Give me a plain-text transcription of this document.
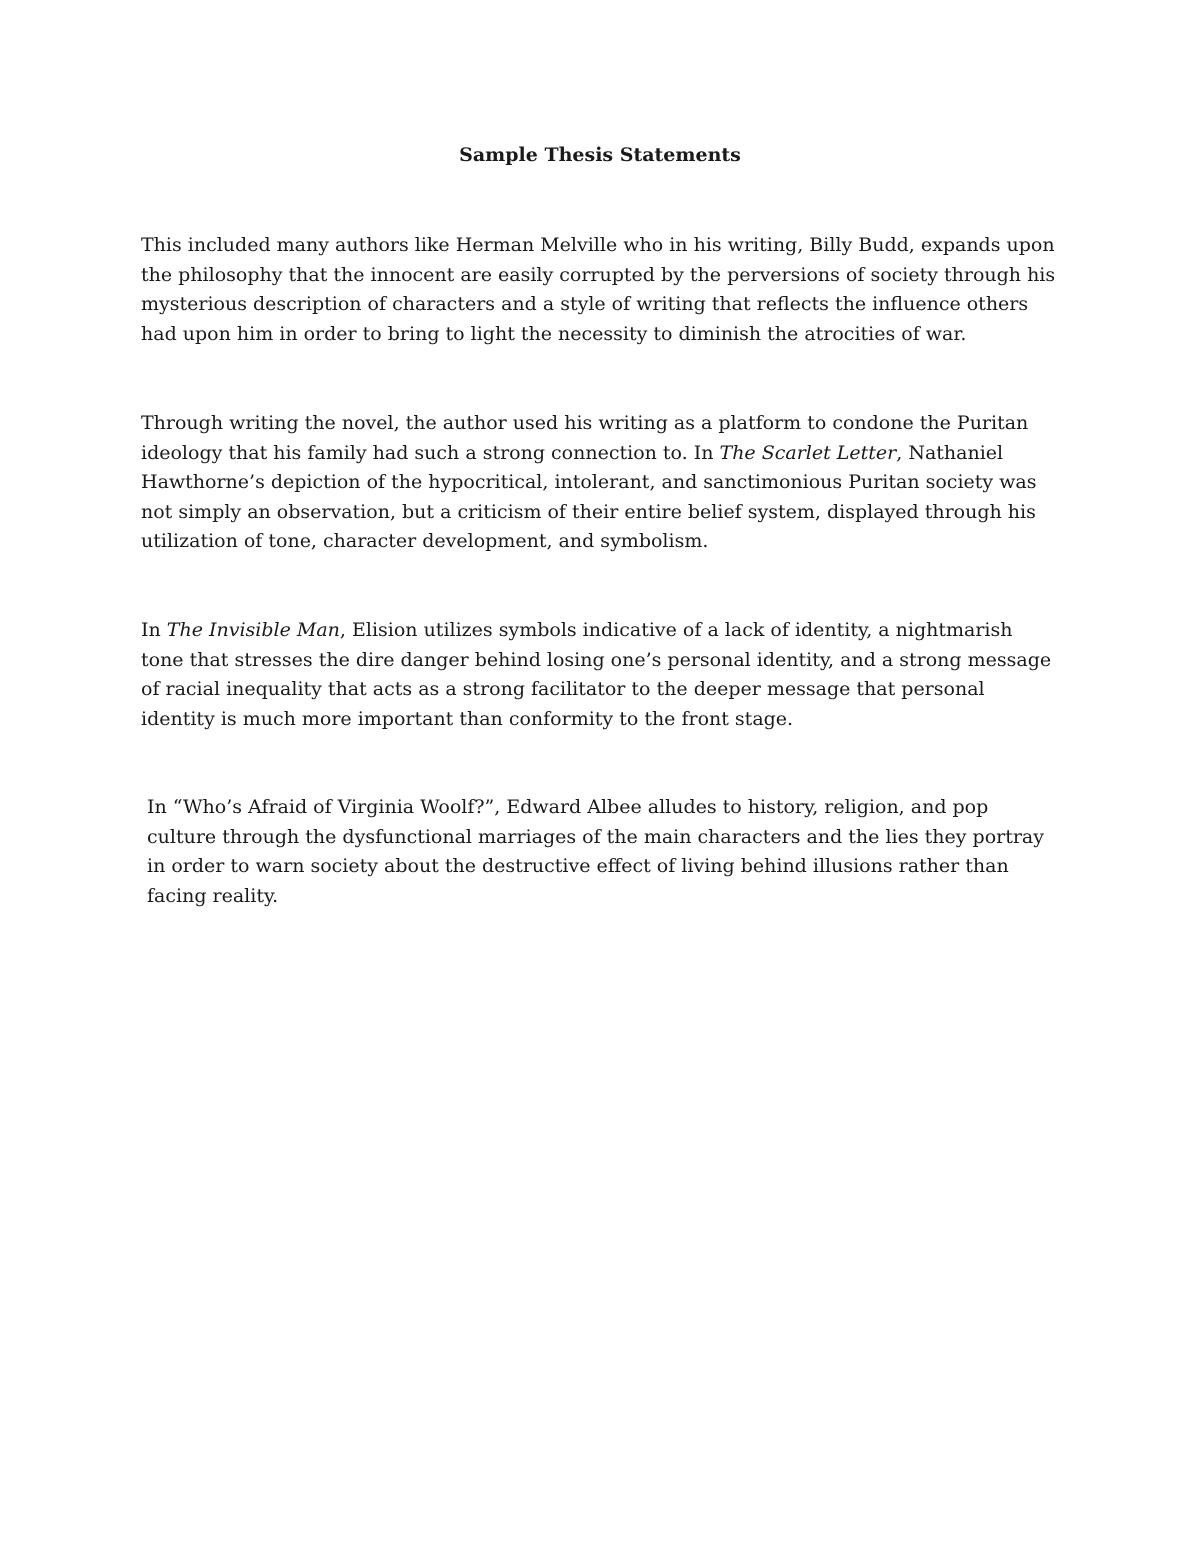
Sample Thesis Statements

This included many authors like Herman Melville who in his writing, Billy Budd, expands upon the philosophy that the innocent are easily corrupted by the perversions of society through his mysterious description of characters and a style of writing that reflects the influence others had upon him in order to bring to light the necessity to diminish the atrocities of war.

Through writing the novel, the author used his writing as a platform to condone the Puritan ideology that his family had such a strong connection to. In The Scarlet Letter, Nathaniel Hawthorne’s depiction of the hypocritical, intolerant, and sanctimonious Puritan society was not simply an observation, but a criticism of their entire belief system, displayed through his utilization of tone, character development, and symbolism.

In The Invisible Man, Elision utilizes symbols indicative of a lack of identity, a nightmarish tone that stresses the dire danger behind losing one’s personal identity, and a strong message of racial inequality that acts as a strong facilitator to the deeper message that personal identity is much more important than conformity to the front stage.

In “Who’s Afraid of Virginia Woolf?”, Edward Albee alludes to history, religion, and pop culture through the dysfunctional marriages of the main characters and the lies they portray in order to warn society about the destructive effect of living behind illusions rather than facing reality.
